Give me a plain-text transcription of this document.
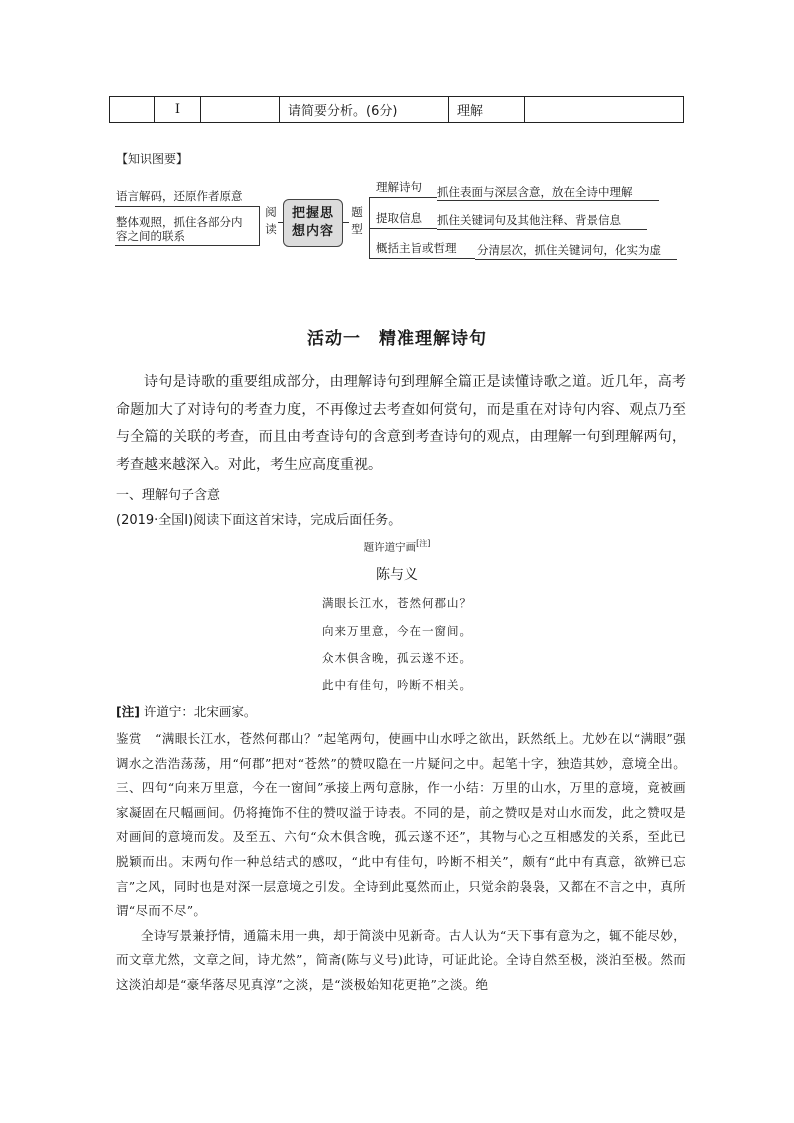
Ⅰ	请简要分析。(6分)	理解
【知识图要】
语言解码，还原作者原意
整体观照，抓住各部分内
容之间的联系
阅读
把握思
想内容
题型
理解诗句 抓住表面与深层含意，放在全诗中理解
提取信息 抓住关键词句及其他注释、背景信息
概括主旨或哲理 分清层次，抓住关键词句，化实为虚
活动一　精准理解诗句

诗句是诗歌的重要组成部分，由理解诗句到理解全篇正是读懂诗歌之道。近几年，高考命题加大了对诗句的考查力度，不再像过去考查如何赏句，而是重在对诗句内容、观点乃至与全篇的关联的考查，而且由考查诗句的含意到考查诗句的观点，由理解一句到理解两句，考查越来越深入。对此，考生应高度重视。

一、理解句子含意
(2019·全国Ⅰ)阅读下面这首宋诗，完成后面任务。
题许道宁画[注]
陈与义
满眼长江水，苍然何郡山？
向来万里意，今在一窗间。
众木俱含晚，孤云遂不还。
此中有佳句，吟断不相关。
[注] 许道宁：北宋画家。

鉴赏 “满眼长江水，苍然何郡山？”起笔两句，使画中山水呼之欲出，跃然纸上。尤妙在以“满眼”强调水之浩浩荡荡，用“何郡”把对“苍然”的赞叹隐在一片疑问之中。起笔十字，独造其妙，意境全出。三、四句“向来万里意，今在一窗间”承接上两句意脉，作一小结：万里的山水，万里的意境，竟被画家凝固在尺幅画间。仍将掩饰不住的赞叹溢于诗表。不同的是，前之赞叹是对山水而发，此之赞叹是对画间的意境而发。及至五、六句“众木俱含晚，孤云遂不还”，其物与心之互相感发的关系，至此已脱颖而出。末两句作一种总结式的感叹，“此中有佳句，吟断不相关”，颇有“此中有真意，欲辨已忘言”之风，同时也是对深一层意境之引发。全诗到此戛然而止，只觉余韵袅袅，又都在不言之中，真所谓“尽而不尽”。

全诗写景兼抒情，通篇未用一典，却于简淡中见新奇。古人认为“天下事有意为之，辄不能尽妙，而文章尤然，文章之间，诗尤然”，简斋(陈与义号)此诗，可证此论。全诗自然至极，淡泊至极。然而这淡泊却是“豪华落尽见真淳”之淡，是“淡极始知花更艳”之淡。绝
